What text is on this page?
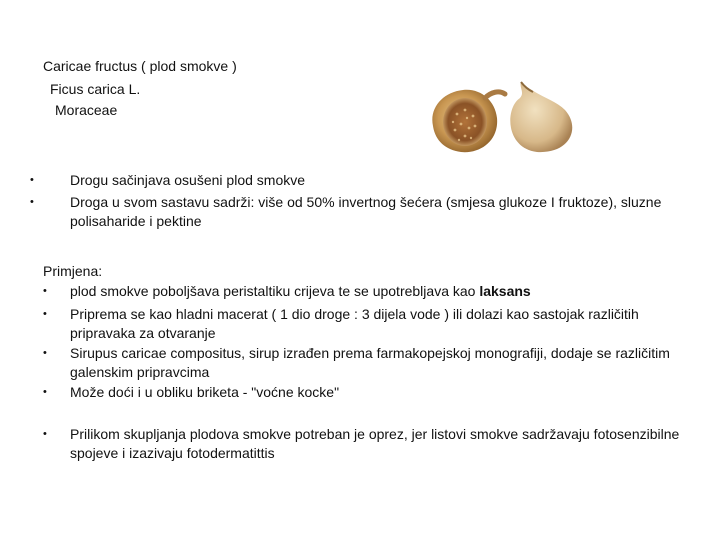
Caricae fructus ( plod smokve )
Ficus carica L.
Moraceae
•	Drogu sačinjava osušeni plod smokve
•	Droga u svom sastavu sadrži: više od 50% invertnog šećera (smjesa glukoze I fruktoze), sluzne polisaharide i pektine
Primjena:
•	plod smokve poboljšava peristaltiku crijeva te se upotrebljava kao laksans
•	Priprema se kao hladni macerat ( 1 dio droge : 3 dijela vode ) ili dolazi kao sastojak različitih pripravaka za otvaranje
•	Sirupus caricae compositus, sirup izrađen prema farmakopejskoj monografiji, dodaje se različitim galenskim pripravcima
•	Može doći i u obliku briketa - "voćne kocke"
•	Prilikom skupljanja plodova smokve potreban je oprez, jer listovi smokve sadržavaju fotosenzibilne spojeve i izazivaju fotodermatittis
